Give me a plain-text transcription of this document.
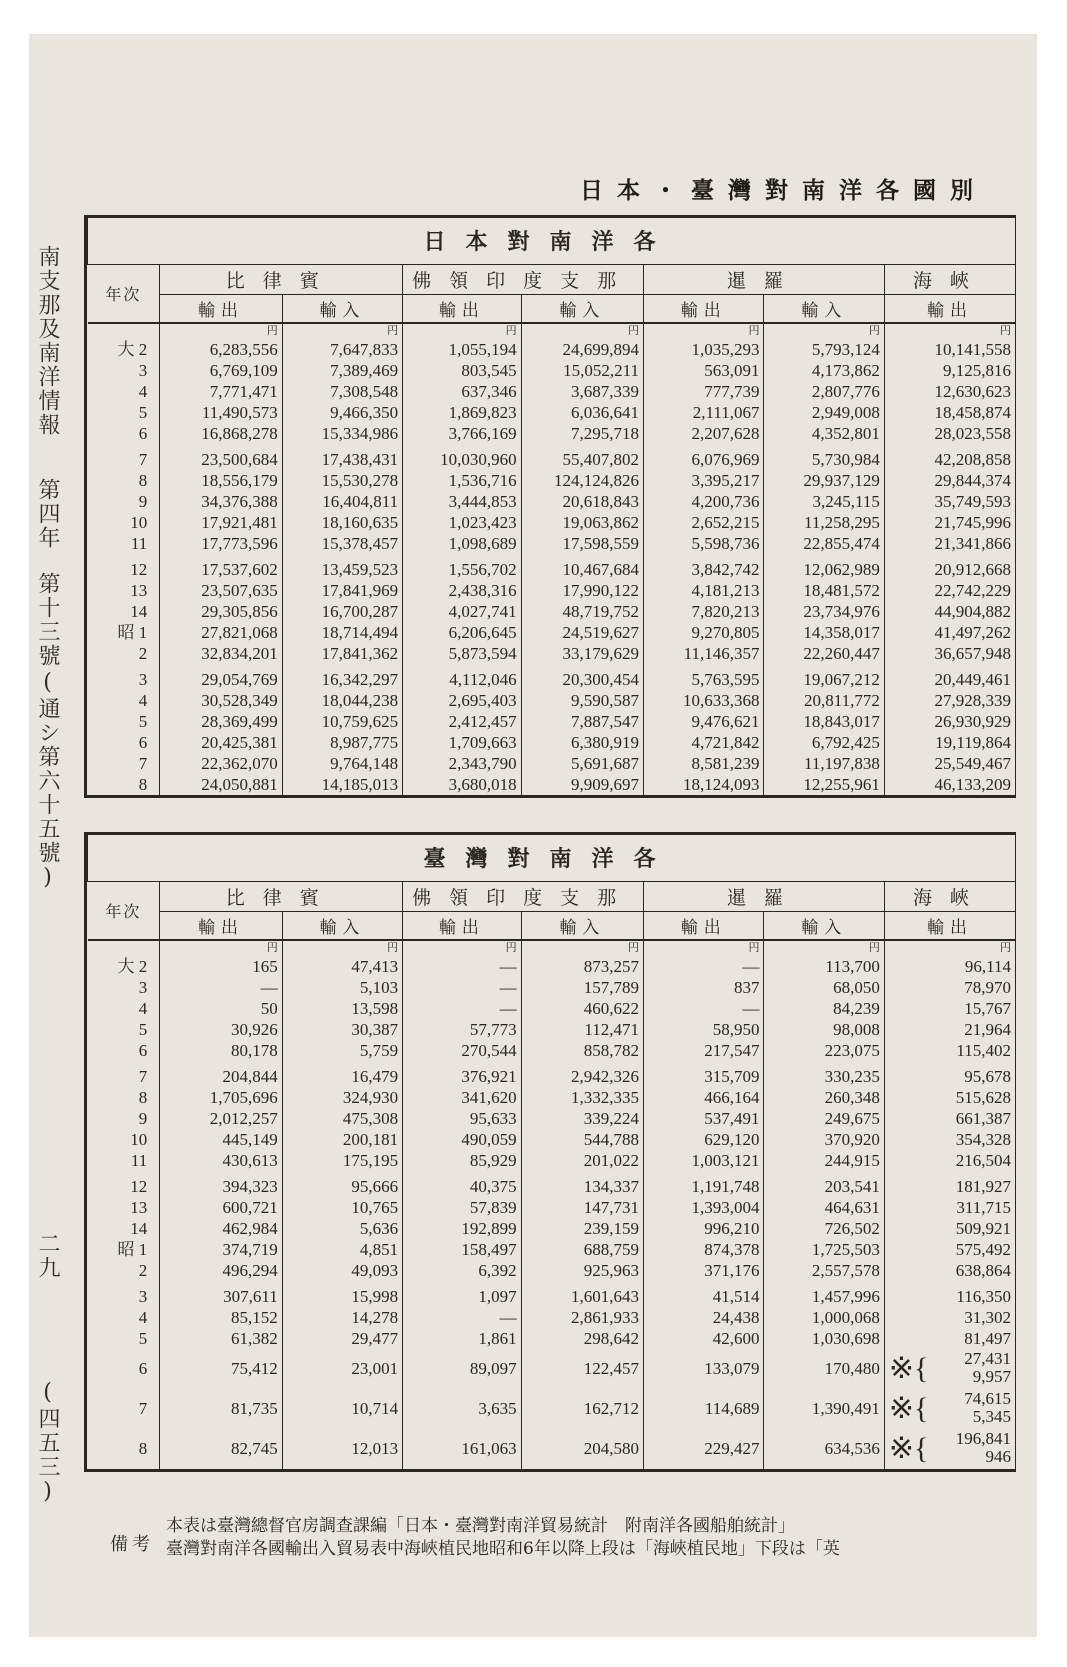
南支那及南洋情報
第四年
第十三號
(通シ第六十五號)
二九
(四五三)
日本・臺灣對南洋各國別
日本對南洋各							
年次	比律賓		佛領印度支那		暹羅		海峽
	輸出	輸入	輸出	輸入	輸出	輸入	輸出
	円	円	円	円	円	円	円
大 2	6,283,556	7,647,833	1,055,194	24,699,894	1,035,293	5,793,124	10,141,558
3	6,769,109	7,389,469	803,545	15,052,211	563,091	4,173,862	9,125,816
4	7,771,471	7,308,548	637,346	3,687,339	777,739	2,807,776	12,630,623
5	11,490,573	9,466,350	1,869,823	6,036,641	2,111,067	2,949,008	18,458,874
6	16,868,278	15,334,986	3,766,169	7,295,718	2,207,628	4,352,801	28,023,558
7	23,500,684	17,438,431	10,030,960	55,407,802	6,076,969	5,730,984	42,208,858
8	18,556,179	15,530,278	1,536,716	124,124,826	3,395,217	29,937,129	29,844,374
9	34,376,388	16,404,811	3,444,853	20,618,843	4,200,736	3,245,115	35,749,593
10	17,921,481	18,160,635	1,023,423	19,063,862	2,652,215	11,258,295	21,745,996
11	17,773,596	15,378,457	1,098,689	17,598,559	5,598,736	22,855,474	21,341,866
12	17,537,602	13,459,523	1,556,702	10,467,684	3,842,742	12,062,989	20,912,668
13	23,507,635	17,841,969	2,438,316	17,990,122	4,181,213	18,481,572	22,742,229
14	29,305,856	16,700,287	4,027,741	48,719,752	7,820,213	23,734,976	44,904,882
昭 1	27,821,068	18,714,494	6,206,645	24,519,627	9,270,805	14,358,017	41,497,262
2	32,834,201	17,841,362	5,873,594	33,179,629	11,146,357	22,260,447	36,657,948
3	29,054,769	16,342,297	4,112,046	20,300,454	5,763,595	19,067,212	20,449,461
4	30,528,349	18,044,238	2,695,403	9,590,587	10,633,368	20,811,772	27,928,339
5	28,369,499	10,759,625	2,412,457	7,887,547	9,476,621	18,843,017	26,930,929
6	20,425,381	8,987,775	1,709,663	6,380,919	4,721,842	6,792,425	19,119,864
7	22,362,070	9,764,148	2,343,790	5,691,687	8,581,239	11,197,838	25,549,467
8	24,050,881	14,185,013	3,680,018	9,909,697	18,124,093	12,255,961	46,133,209
臺灣對南洋各							
年次	比律賓		佛領印度支那		暹羅		海峽
	輸出	輸入	輸出	輸入	輸出	輸入	輸出
	円	円	円	円	円	円	円
大 2	165	47,413	—	873,257	—	113,700	96,114
3	—	5,103	—	157,789	837	68,050	78,970
4	50	13,598	—	460,622	—	84,239	15,767
5	30,926	30,387	57,773	112,471	58,950	98,008	21,964
6	80,178	5,759	270,544	858,782	217,547	223,075	115,402
7	204,844	16,479	376,921	2,942,326	315,709	330,235	95,678
8	1,705,696	324,930	341,620	1,332,335	466,164	260,348	515,628
9	2,012,257	475,308	95,633	339,224	537,491	249,675	661,387
10	445,149	200,181	490,059	544,788	629,120	370,920	354,328
11	430,613	175,195	85,929	201,022	1,003,121	244,915	216,504
12	394,323	95,666	40,375	134,337	1,191,748	203,541	181,927
13	600,721	10,765	57,839	147,731	1,393,004	464,631	311,715
14	462,984	5,636	192,899	239,159	996,210	726,502	509,921
昭 1	374,719	4,851	158,497	688,759	874,378	1,725,503	575,492
2	496,294	49,093	6,392	925,963	371,176	2,557,578	638,864
3	307,611	15,998	1,097	1,601,643	41,514	1,457,996	116,350
4	85,152	14,278	—	2,861,933	24,438	1,000,068	31,302
5	61,382	29,477	1,861	298,642	42,600	1,030,698	81,497
6	75,412	23,001	89,097	122,457	133,079	170,480	※{ 27,431
9,957

7	81,735	10,714	3,635	162,712	114,689	1,390,491	※{ 74,615
5,345

8	82,745	12,013	161,063	204,580	229,427	634,536	※{ 196,841
946
備考
本表は臺灣總督官房調查課編「日本・臺灣對南洋貿易統計　附南洋各國船舶統計」
臺灣對南洋各國輸出入貿易表中海峽植民地昭和6年以降上段は「海峽植民地」下段は「英
